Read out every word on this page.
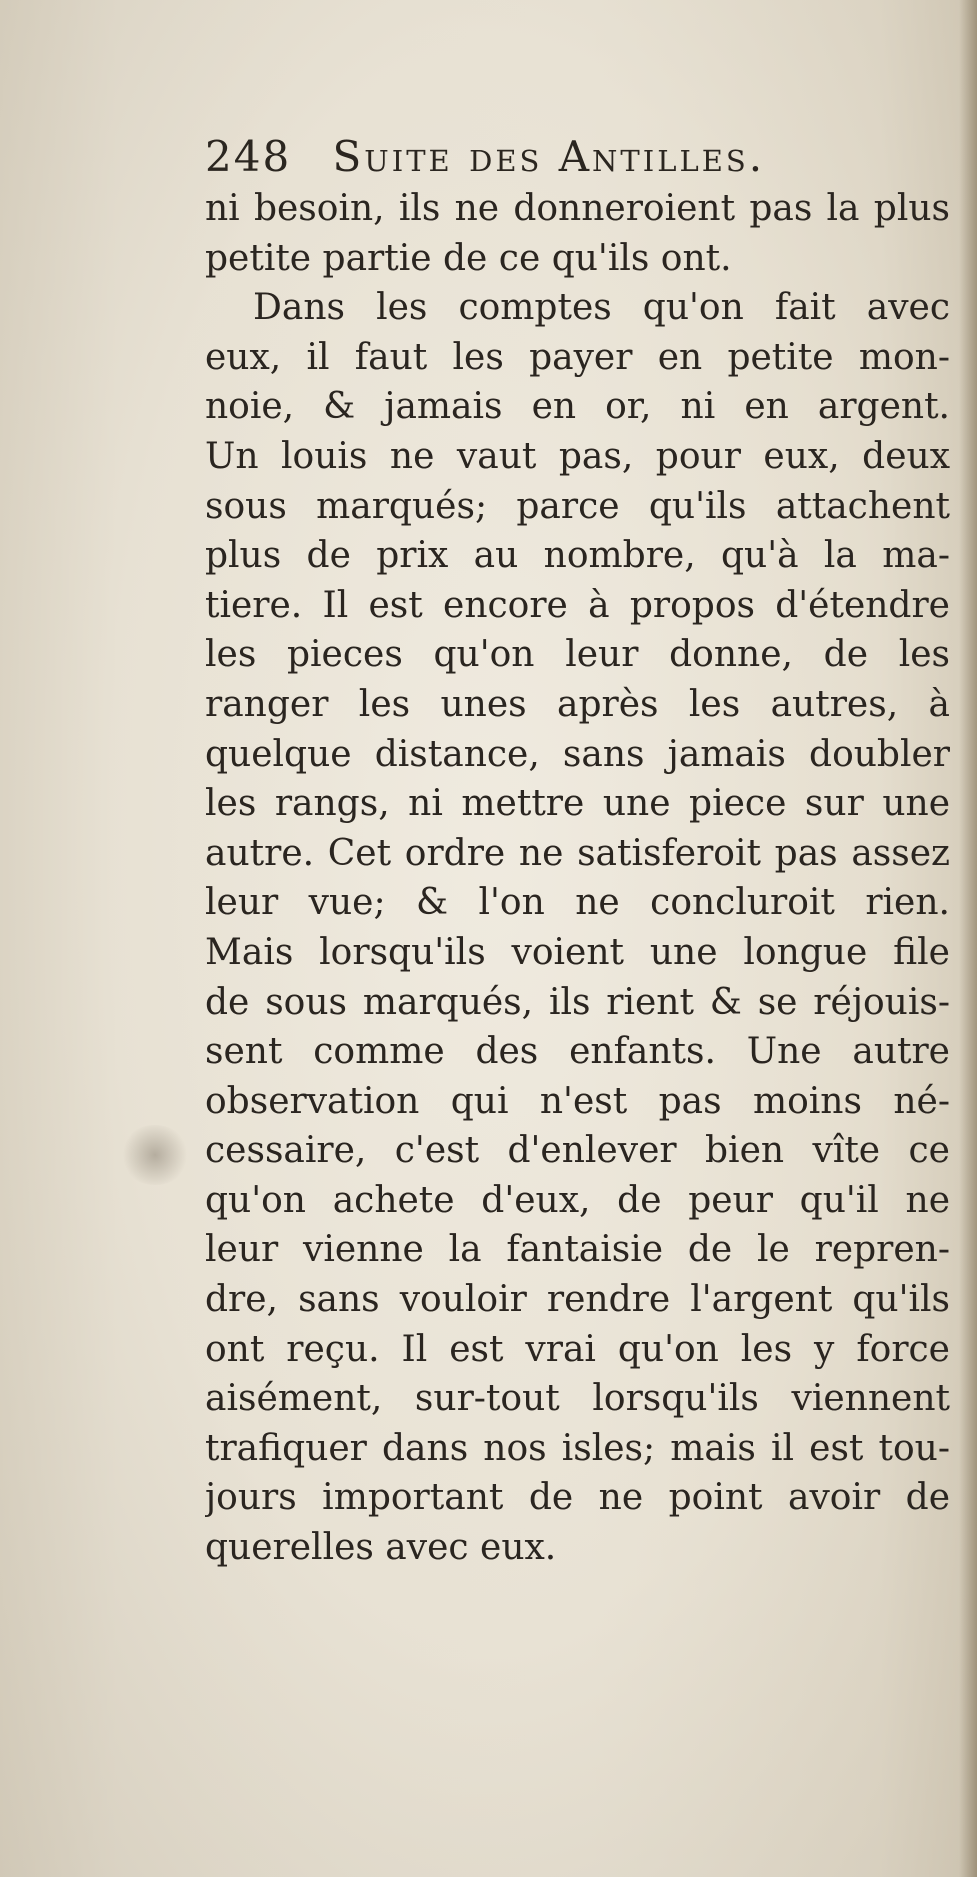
248 Suite des Antilles.
ni besoin, ils ne donneroient pas la plus
petite partie de ce qu'ils ont.
Dans les comptes qu'on fait avec
eux, il faut les payer en petite mon-
noie, & jamais en or, ni en argent.
Un louis ne vaut pas, pour eux, deux
sous marqués; parce qu'ils attachent
plus de prix au nombre, qu'à la ma-
tiere. Il est encore à propos d'étendre
les pieces qu'on leur donne, de les
ranger les unes après les autres, à
quelque distance, sans jamais doubler
les rangs, ni mettre une piece sur une
autre. Cet ordre ne satisferoit pas assez
leur vue; & l'on ne concluroit rien.
Mais lorsqu'ils voient une longue file
de sous marqués, ils rient & se réjouis-
sent comme des enfants. Une autre
observation qui n'est pas moins né-
cessaire, c'est d'enlever bien vîte ce
qu'on achete d'eux, de peur qu'il ne
leur vienne la fantaisie de le repren-
dre, sans vouloir rendre l'argent qu'ils
ont reçu. Il est vrai qu'on les y force
aisément, sur-tout lorsqu'ils viennent
trafiquer dans nos isles; mais il est tou-
jours important de ne point avoir de
querelles avec eux.
